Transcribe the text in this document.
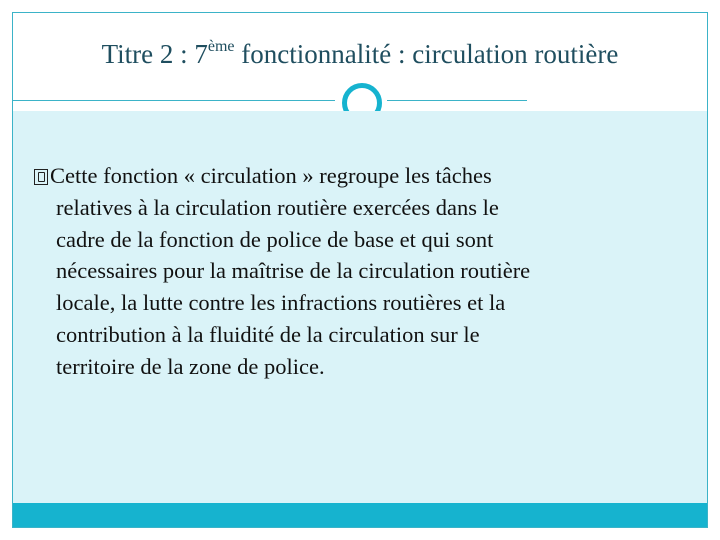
Titre 2 : 7ème fonctionnalité : circulation routière
Cette fonction « circulation » regroupe les tâches
relatives à la circulation routière exercées dans le
cadre de la fonction de police de base et qui sont
nécessaires pour la maîtrise de la circulation routière
locale, la lutte contre les infractions routières et la
contribution à la fluidité de la circulation sur le
territoire de la zone de police.
